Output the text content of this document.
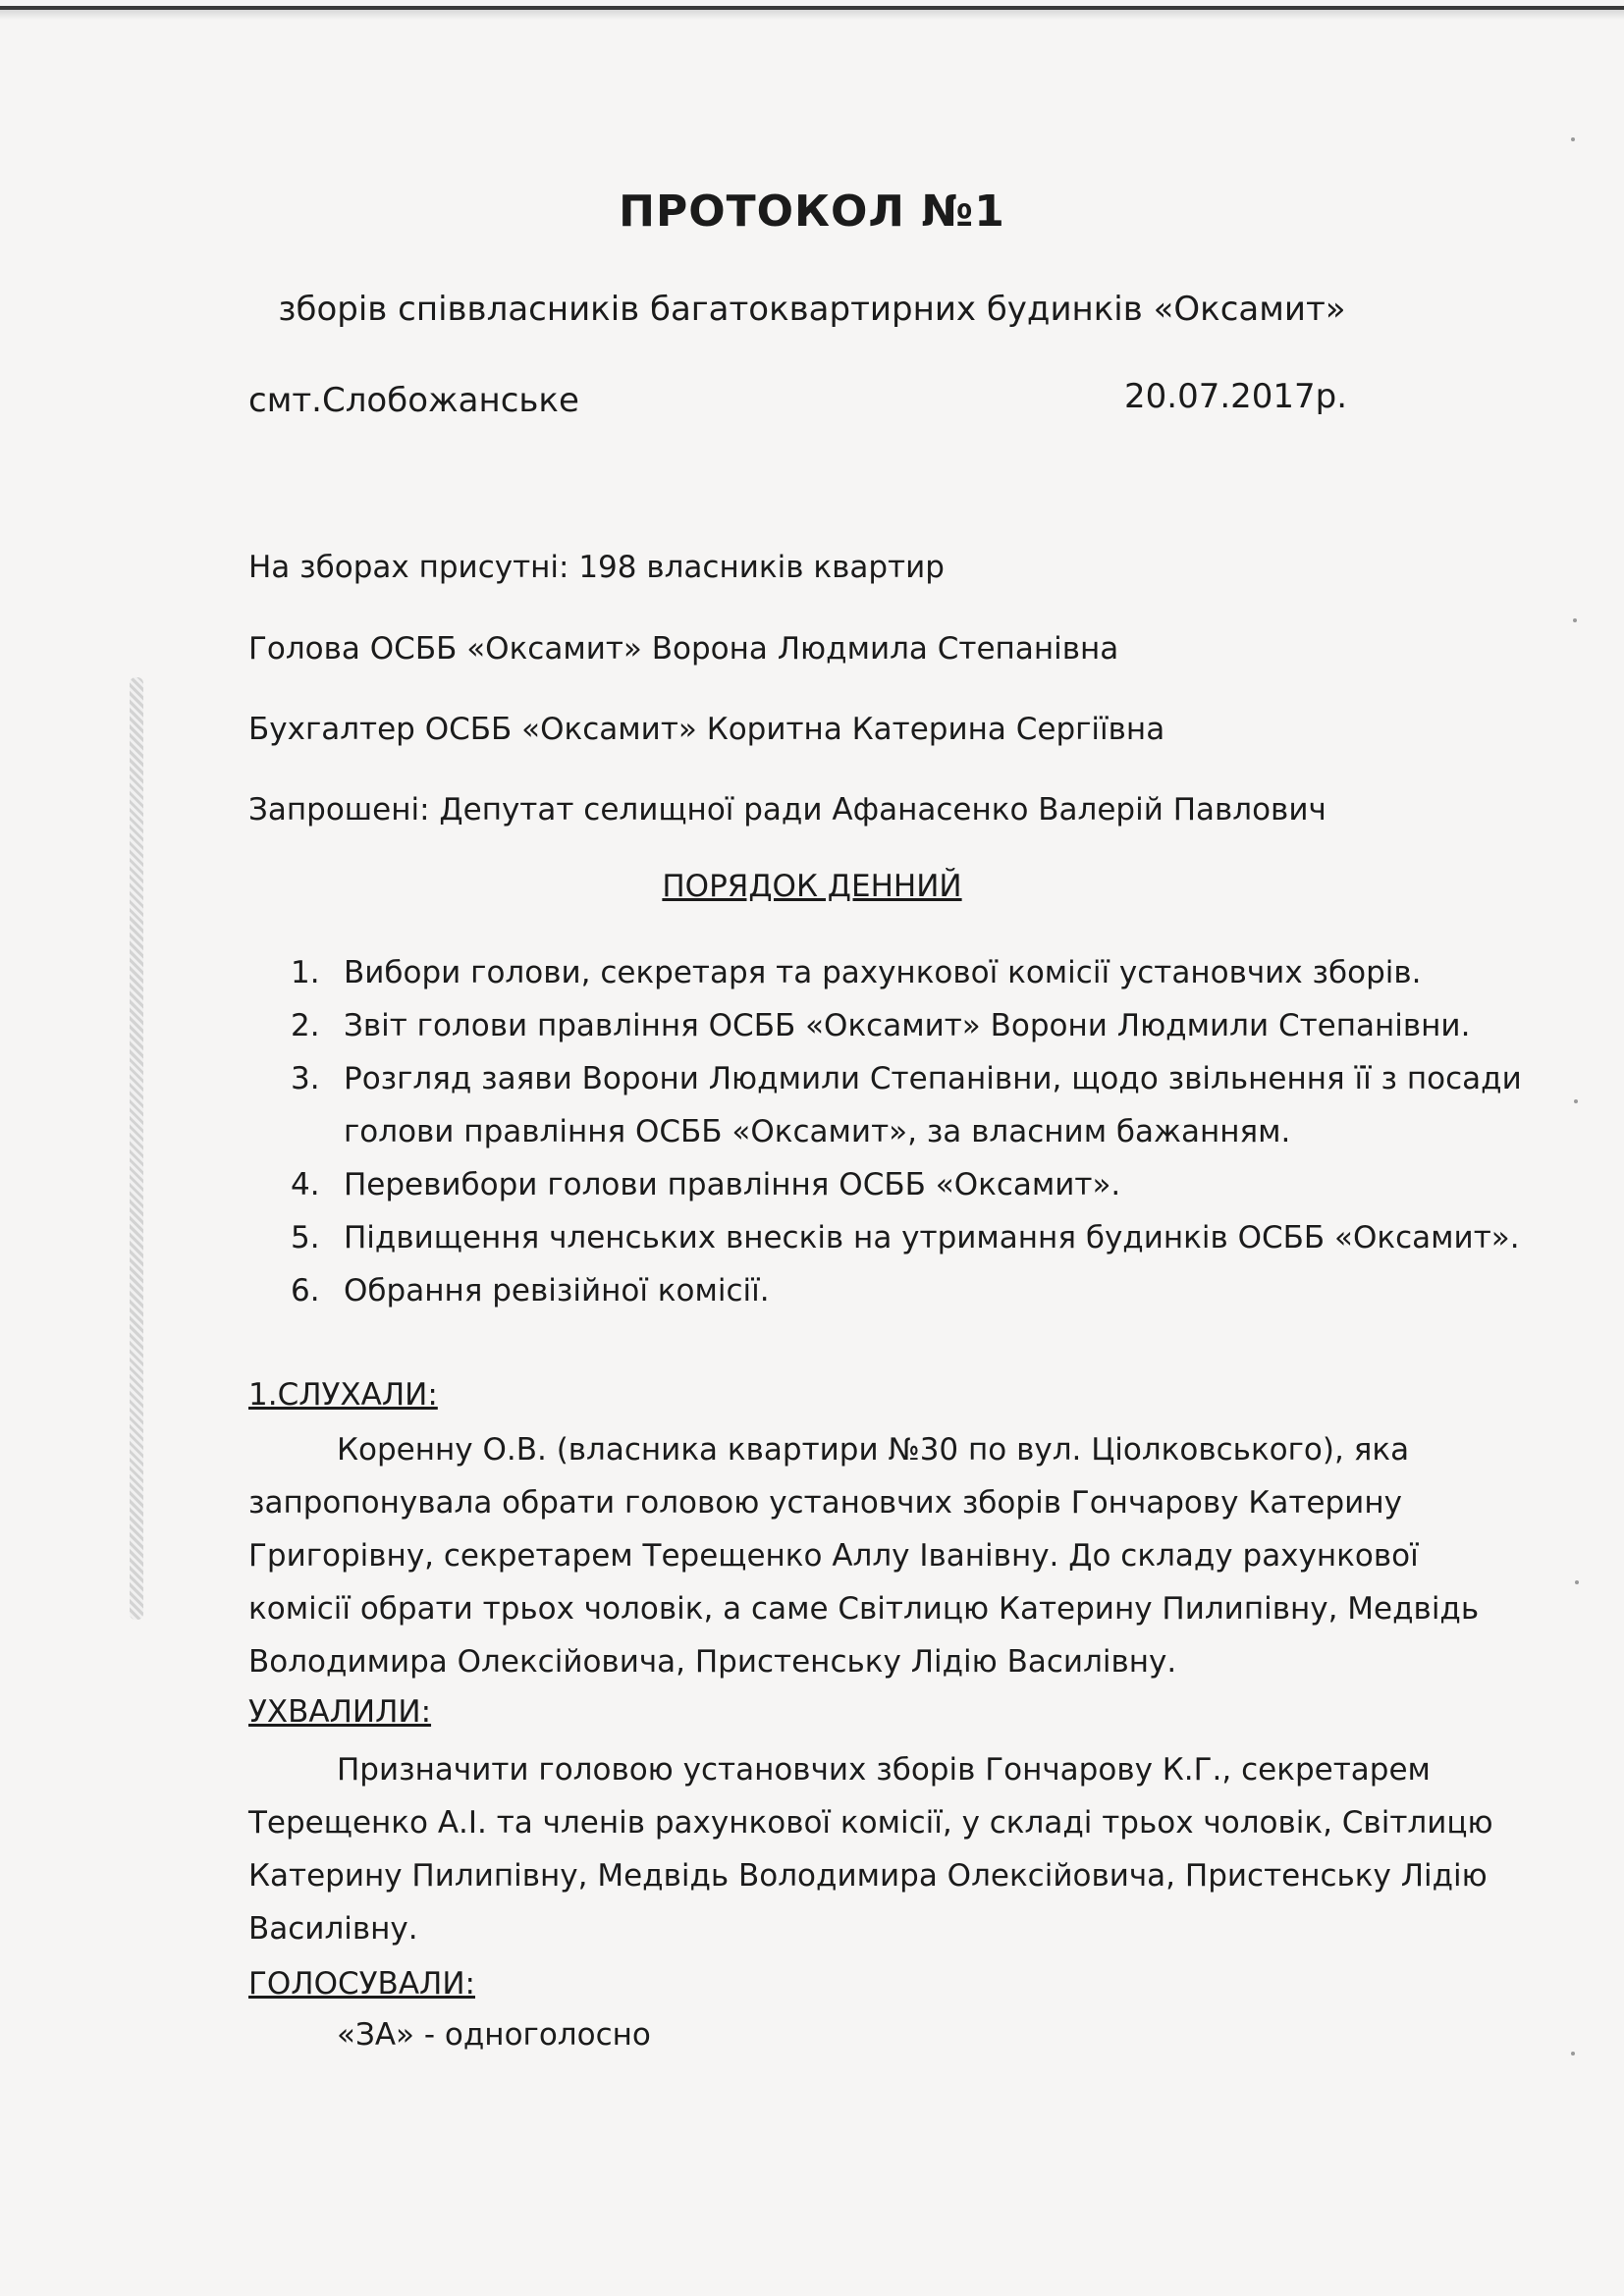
ПРОТОКОЛ №1
зборів співвласників багатоквартирних будинків «Оксамит»
смт.Слобожанське	20.07.2017р.
На зборах присутні: 198 власників квартир
Голова ОСББ «Оксамит» Ворона Людмила Степанівна
Бухгалтер ОСББ «Оксамит» Коритна Катерина Сергіївна
Запрошені: Депутат селищної ради Афанасенко Валерій Павлович
ПОРЯДОК ДЕННИЙ
1. Вибори голови, секретаря та рахункової комісії установчих зборів.
2. Звіт голови правління ОСББ «Оксамит» Ворони Людмили Степанівни.
3. Розгляд заяви Ворони Людмили Степанівни, щодо звільнення її з посади голови правління ОСББ «Оксамит», за власним бажанням.
4. Перевибори голови правління ОСББ «Оксамит».
5. Підвищення членських внесків на утримання будинків ОСББ «Оксамит».
6. Обрання ревізійної комісії.
1.СЛУХАЛИ:
Коренну О.В. (власника квартири №30 по вул. Ціолковського), яка запропонувала обрати головою установчих зборів Гончарову Катерину Григорівну, секретарем Терещенко Аллу Іванівну. До складу рахункової комісії обрати трьох чоловік, а саме Світлицю Катерину Пилипівну, Медвідь Володимира Олексійовича, Пристенську Лідію Василівну.
УХВАЛИЛИ:
Призначити головою установчих зборів Гончарову К.Г., секретарем Терещенко А.І. та членів рахункової комісії, у складі трьох чоловік, Світлицю Катерину Пилипівну, Медвідь Володимира Олексійовича, Пристенську Лідію Василівну.
ГОЛОСУВАЛИ:
«ЗА» - одноголосно
